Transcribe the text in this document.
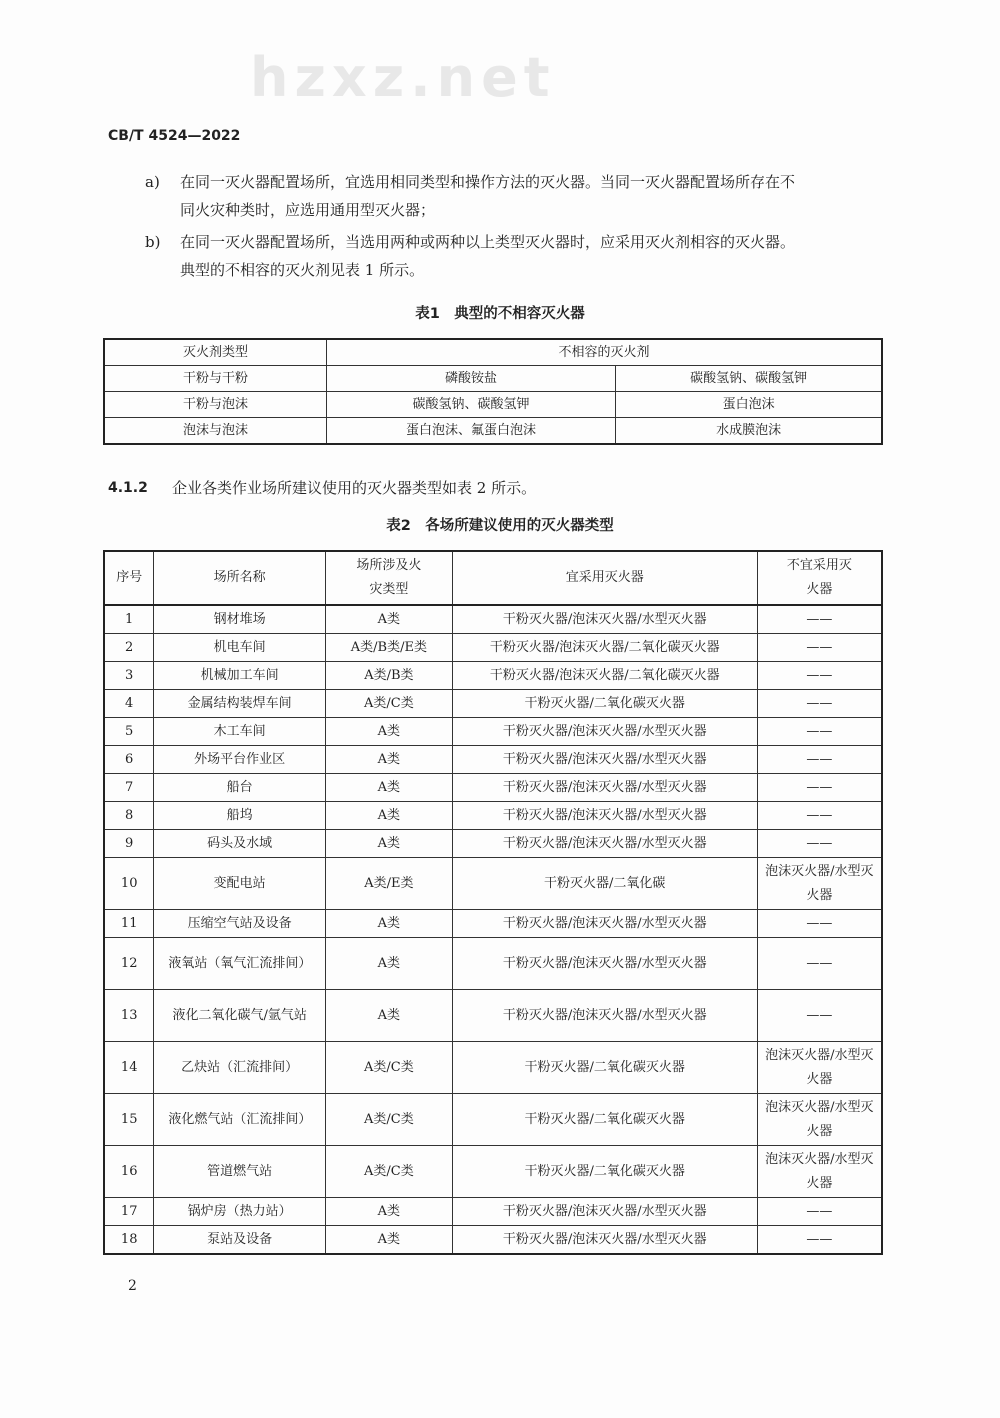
hzxz.net
CB/T 4524—2022
a) 在同一灭火器配置场所，宜选用相同类型和操作方法的灭火器。当同一灭火器配置场所存在不
同火灾种类时，应选用通用型灭火器；
b) 在同一灭火器配置场所，当选用两种或两种以上类型灭火器时，应采用灭火剂相容的灭火器。
典型的不相容的灭火剂见表 1 所示。
表1　典型的不相容灭火器
灭火剂类型	不相容的灭火剂	
干粉与干粉	磷酸铵盐	碳酸氢钠、碳酸氢钾
干粉与泡沫	碳酸氢钠、碳酸氢钾	蛋白泡沫
泡沫与泡沫	蛋白泡沫、氟蛋白泡沫	水成膜泡沫
4.1.2 企业各类作业场所建议使用的灭火器类型如表 2 所示。
表2　各场所建议使用的灭火器类型
序号	场所名称	场所涉及火灾类型	宜采用灭火器	不宜采用灭火器
1	钢材堆场	A类	干粉灭火器/泡沫灭火器/水型灭火器	——
2	机电车间	A类/B类/E类	干粉灭火器/泡沫灭火器/二氧化碳灭火器	——
3	机械加工车间	A类/B类	干粉灭火器/泡沫灭火器/二氧化碳灭火器	——
4	金属结构装焊车间	A类/C类	干粉灭火器/二氧化碳灭火器	——
5	木工车间	A类	干粉灭火器/泡沫灭火器/水型灭火器	——
6	外场平台作业区	A类	干粉灭火器/泡沫灭火器/水型灭火器	——
7	船台	A类	干粉灭火器/泡沫灭火器/水型灭火器	——
8	船坞	A类	干粉灭火器/泡沫灭火器/水型灭火器	——
9	码头及水域	A类	干粉灭火器/泡沫灭火器/水型灭火器	——
10	变配电站	A类/E类	干粉灭火器/二氧化碳	泡沫灭火器/水型灭火器
11	压缩空气站及设备	A类	干粉灭火器/泡沫灭火器/水型灭火器	——
12	液氧站（氧气汇流排间）	A类	干粉灭火器/泡沫灭火器/水型灭火器	——
13	液化二氧化碳气/氩气站	A类	干粉灭火器/泡沫灭火器/水型灭火器	——
14	乙炔站（汇流排间）	A类/C类	干粉灭火器/二氧化碳灭火器	泡沫灭火器/水型灭火器
15	液化燃气站（汇流排间）	A类/C类	干粉灭火器/二氧化碳灭火器	泡沫灭火器/水型灭火器
16	管道燃气站	A类/C类	干粉灭火器/二氧化碳灭火器	泡沫灭火器/水型灭火器
17	锅炉房（热力站）	A类	干粉灭火器/泡沫灭火器/水型灭火器	——
18	泵站及设备	A类	干粉灭火器/泡沫灭火器/水型灭火器	——
2
